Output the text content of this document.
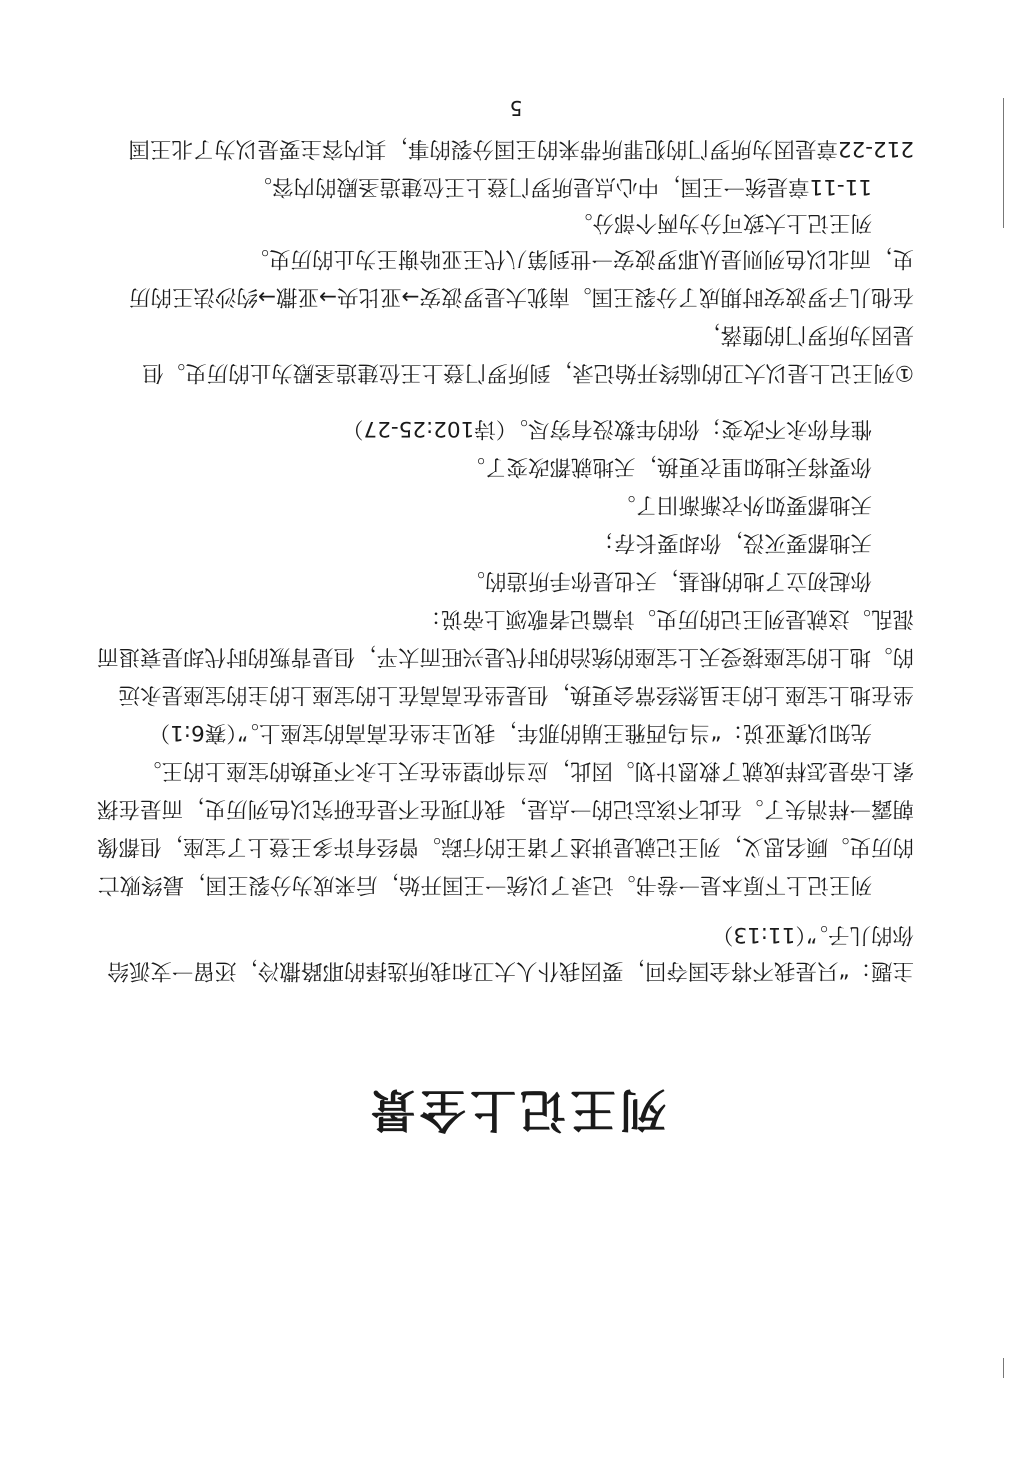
列王记上全景
主题：“只是我不将全国夺回，要因我仆人大卫和我所选择的耶路撒冷，还留一支派给
你的儿子。”（11:13）
列王记上下原本是一卷书。记录了以统一王国开始，后来成为分裂王国，最终败亡
的历史。顾名思义，列王记就是讲述了诸王的行踪。曾经有许多王登上了宝座，但都像
朝露一样消失了。在此不该忘记的一点是，我们现在不是在研究以色列历史，而是在探
索上帝是怎样成就了救恩计划。因此，应当仰望坐在天上永不更换的宝座上的王。
先知以赛亚说：“当乌西雅王崩的那年，我见主坐在高高的宝座上。”（赛6:1）
坐在地上宝座上的主虽然经常会更换，但是坐在高高在上的宝座上的主的宝座是永远
的。地上的宝座接受天上宝座的统治的时代是兴旺而太平，但是背叛的时代却是衰退而
混乱。这就是列王记的历史。诗篇记者歌颂上帝说：
你起初立了地的根基，天也是你手所造的。
天地都要灭没，你却要长存；
天地都要如外衣渐渐旧了。
你要将天地如里衣更换，天地就都改变了。
惟有你永不改变；你的年数没有穷尽。（诗102:25-27）
①列王记上是以大卫的临终开始记录，到所罗门登上王位建造圣殿为止的历史。但
是因为所罗门的堕落，
在他儿子罗波安时期成了分裂王国。南犹大是罗波安→亚比央→亚撒→约沙法王的历
史，而北以色列则是从耶罗波安一世到第八代王亚哈谢王为止的历史。
列王记上大致可分为两个部分。
11-11章是统一王国，中心点是所罗门登上王位建造圣殿的内容。
212-22章是因为所罗门的犯罪所带来的王国分裂的事，其内容主要是以为了北王国
5
